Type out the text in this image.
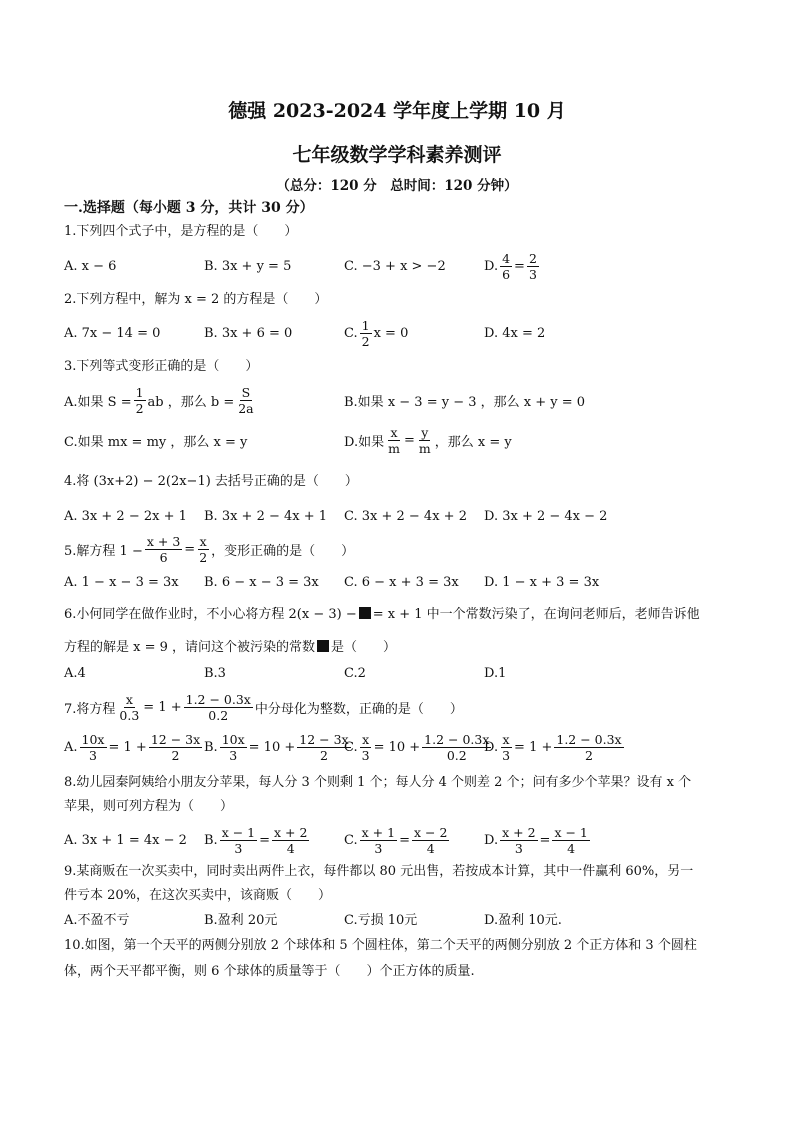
德强 2023-2024 学年度上学期 10 月
七年级数学学科素养测评
（总分：120 分　总时间：120 分钟）
一.选择题（每小题 3 分，共计 30 分）
1.下列四个式子中，是方程的是（　　）
A. x − 6	B. 3x + y = 5	C. −3 + x > −2	D. $\frac{4}{6} = \frac{2}{3}$
2.下列方程中，解为 x = 2 的方程是（　　）
A. 7x − 14 = 0	B. 3x + 6 = 0	C. $\frac{1}{2}$ x = 0	D. 4x = 2
3.下列等式变形正确的是（　　）
A.如果 $S = \frac{1}{2}$ ab ，那么 $b = \frac{S}{2a}$	B.如果 x − 3 = y − 3 ，那么 x + y = 0
C.如果 mx = my ，那么 x = y	D.如果 $\frac{x}{m} = \frac{y}{m}$ ，那么 x = y
4.将 (3x+2) − 2(2x−1) 去括号正确的是（　　）
A. 3x + 2 − 2x + 1 B. 3x + 2 − 4x + 1 C. 3x + 2 − 4x + 2 D. 3x + 2 − 4x − 2
5.解方程 $1 - \frac{x + 3}{6} = \frac{x}{2}$ ，变形正确的是（　　）
A. 1 − x − 3 = 3x B. 6 − x − 3 = 3x C. 6 − x + 3 = 3x D. 1 − x + 3 = 3x
6.小何同学在做作业时，不小心将方程 2(x − 3) − = x + 1 中一个常数污染了，在询问老师后，老师告诉他
方程的解是 x = 9 ，请问这个被污染的常数 是（　　）
A.4	B.3	C.2	D.1
7.将方程 $\frac{x}{0.3} = 1 + \frac{1.2 - 0.3x}{0.2}$ 中分母化为整数，正确的是（　　）
A. $\frac{10x}{3} = 1 + \frac{12 - 3x}{2} B$. $\frac{10x}{3} = 10 + \frac{12 - 3x}{2}$
C. $\frac{x}{3} = 10 + \frac{1.2 - 0.3x}{0.2}$
D. $\frac{x}{3} = 1 + \frac{1.2 - 0.3x}{2}$
8.幼儿园秦阿姨给小朋友分苹果，每人分 3 个则剩 1 个；每人分 4 个则差 2 个；问有多少个苹果？设有 x 个
苹果，则可列方程为（　　）
A. 3x + 1 = 4x − 2 B. $\frac{x - 1}{3} = \frac{x + 2}{4}$	C. $\frac{x + 1}{3} = \frac{x - 2}{4}$	D. $\frac{x + 2}{3} = \frac{x - 1}{4}$
9.某商贩在一次买卖中，同时卖出两件上衣，每件都以 80 元出售，若按成本计算，其中一件赢利 60%，另一
件亏本 20%，在这次买卖中，该商贩（　　）
A.不盈不亏	B.盈利 20元	C.亏损 10元	D.盈利 10元.
10.如图，第一个天平的两侧分别放 2 个球体和 5 个圆柱体，第二个天平的两侧分别放 2 个正方体和 3 个圆柱
体，两个天平都平衡，则 6 个球体的质量等于（　　）个正方体的质量.
